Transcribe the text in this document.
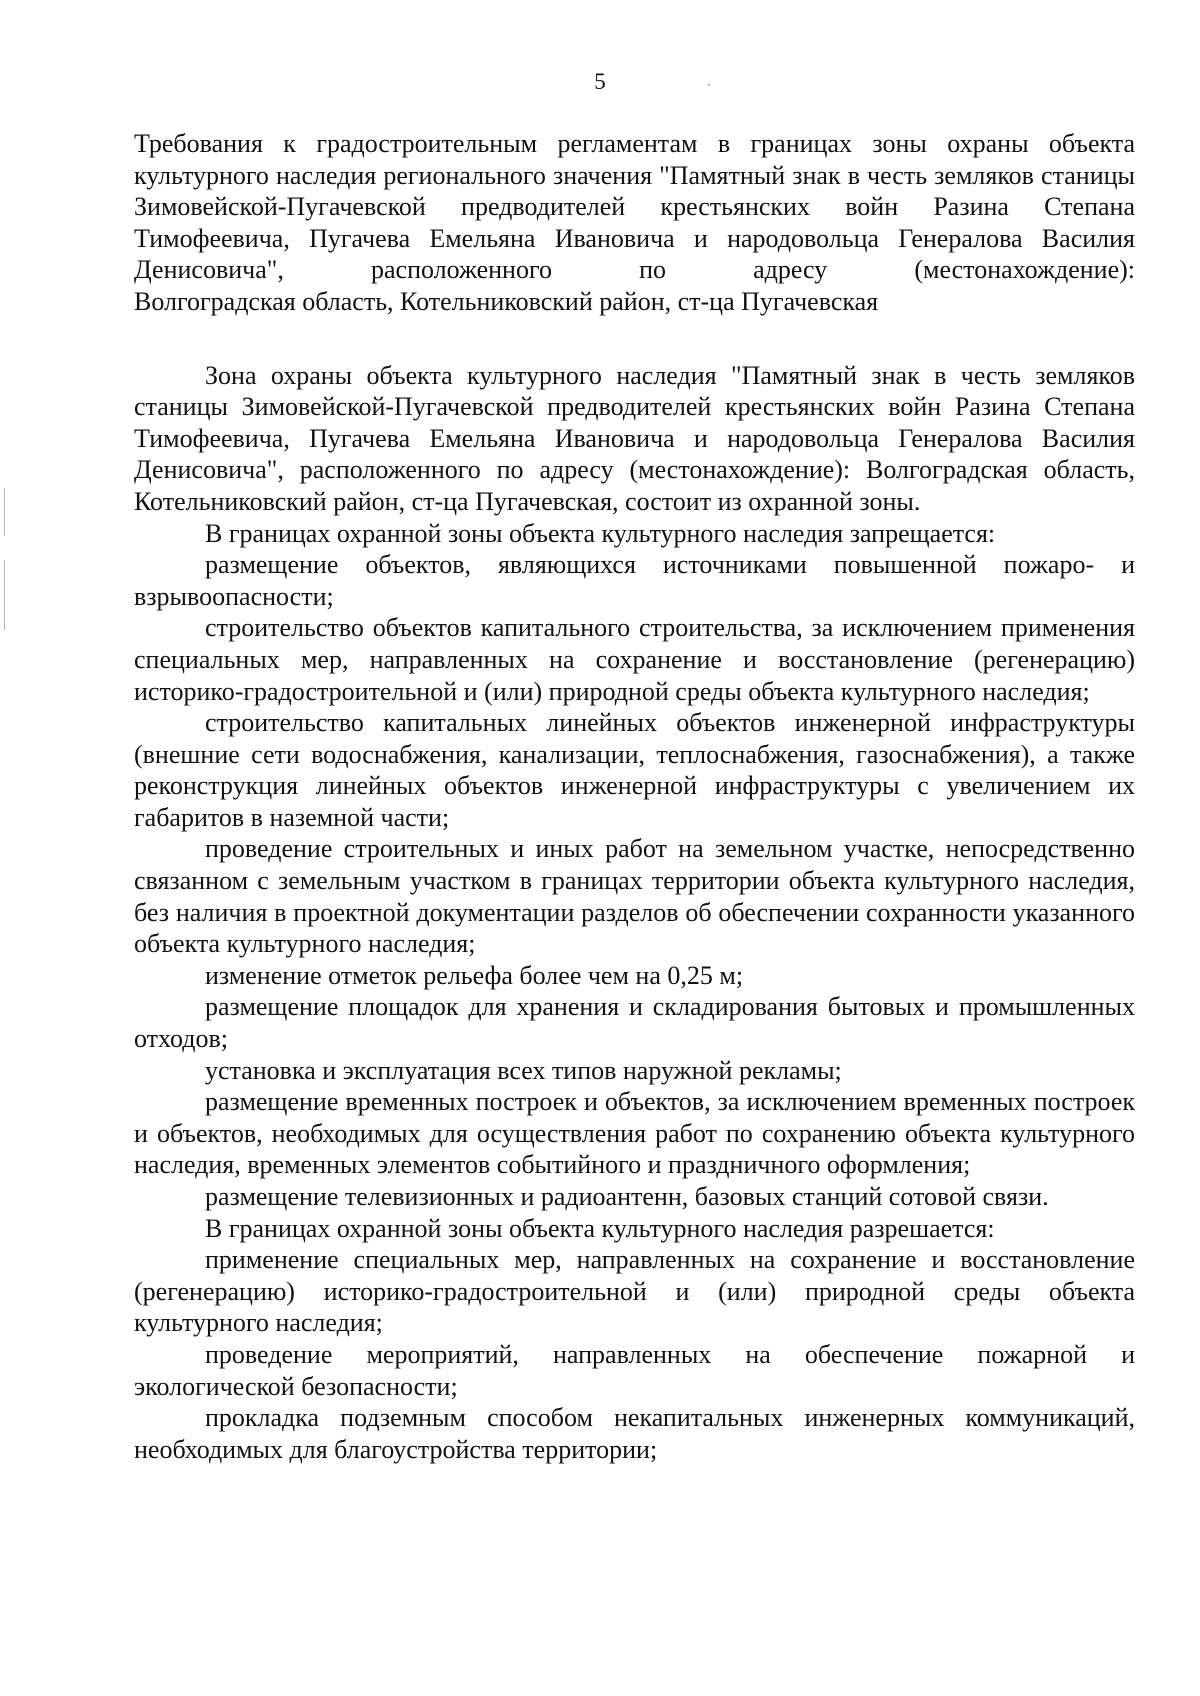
5

Требования к градостроительным регламентам в границах зоны охраны объекта культурного наследия регионального значения "Памятный знак в честь земляков станицы Зимовейской-Пугачевской предводителей крестьянских войн Разина Степана Тимофеевича, Пугачева Емельяна Ивановича и народовольца Генералова Василия Денисовича", расположенного по адресу (местонахождение):

Волгоградская область, Котельниковский район, ст-ца Пугачевская

Зона охраны объекта культурного наследия "Памятный знак в честь земляков станицы Зимовейской-Пугачевской предводителей крестьянских войн Разина Степана Тимофеевича, Пугачева Емельяна Ивановича и народовольца Генералова Василия Денисовича", расположенного по адресу (местонахождение): Волгоградская область, Котельниковский район, ст-ца Пугачевская, состоит из охранной зоны.

В границах охранной зоны объекта культурного наследия запрещается:

размещение объектов, являющихся источниками повышенной пожаро- и взрывоопасности;

строительство объектов капитального строительства, за исключением применения специальных мер, направленных на сохранение и восстановление (регенерацию) историко-градостроительной и (или) природной среды объекта культурного наследия;

строительство капитальных линейных объектов инженерной инфраструктуры (внешние сети водоснабжения, канализации, теплоснабжения, газоснабжения), а также реконструкция линейных объектов инженерной инфраструктуры с увеличением их габаритов в наземной части;

проведение строительных и иных работ на земельном участке, непосредственно связанном с земельным участком в границах территории объекта культурного наследия, без наличия в проектной документации разделов об обеспечении сохранности указанного объекта культурного наследия;

изменение отметок рельефа более чем на 0,25 м;

размещение площадок для хранения и складирования бытовых и промышленных отходов;

установка и эксплуатация всех типов наружной рекламы;

размещение временных построек и объектов, за исключением временных построек и объектов, необходимых для осуществления работ по сохранению объекта культурного наследия, временных элементов событийного и праздничного оформления;

размещение телевизионных и радиоантенн, базовых станций сотовой связи.

В границах охранной зоны объекта культурного наследия разрешается:

применение специальных мер, направленных на сохранение и восстановление (регенерацию) историко-градостроительной и (или) природной среды объекта культурного наследия;

проведение мероприятий, направленных на обеспечение пожарной и экологической безопасности;

прокладка подземным способом некапитальных инженерных коммуникаций, необходимых для благоустройства территории;
